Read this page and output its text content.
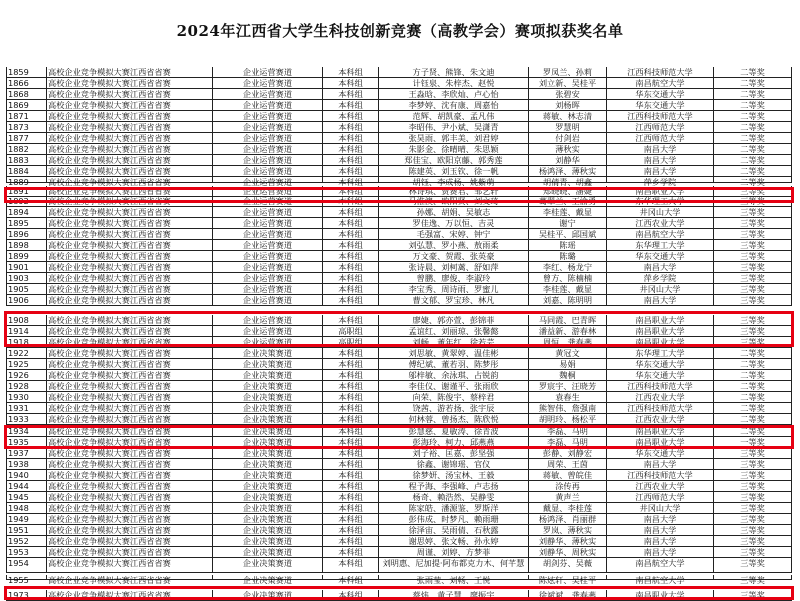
2024年江西省大学生科技创新竞赛（高教学会）赛项拟获奖名单
1859	高校企业竞争模拟大赛江西省省赛	企业运营赛道	本科组	方子贤、熊锋、朱文迪	罗凤兰、孙莉	江西科技师范大学	二等奖
1866	高校企业竞争模拟大赛江西省省赛	企业运营赛道	本科组	计钰泉、朱梓杰、赵悦	刘立新、吴桂平	南昌航空大学	二等奖
1868	高校企业竞争模拟大赛江西省省赛	企业运营赛道	本科组	王淼晗、李欣灿、卢心怡	张碧安	华东交通大学	二等奖
1869	高校企业竞争模拟大赛江西省省赛	企业运营赛道	本科组	李梦婷、沈有康、周嘉怡	刘杨晖	华东交通大学	二等奖
1871	高校企业竞争模拟大赛江西省省赛	企业运营赛道	本科组	范辉、胡凯豪、孟凡伟	蒋敏、林志清	江西科技师范大学	二等奖
1873	高校企业竞争模拟大赛江西省省赛	企业运营赛道	本科组	李昭伟、尹小斌、吴潇青	罗慧明	江西师范大学	二等奖
1877	高校企业竞争模拟大赛江西省省赛	企业运营赛道	本科组	张昊雨、郭丰美、刘君婷	付剑岩	江西师范大学	二等奖
1882	高校企业竞争模拟大赛江西省省赛	企业运营赛道	本科组	朱影金、徐晴晴、朱思颖	薄秋实	南昌大学	二等奖
1883	高校企业竞争模拟大赛江西省省赛	企业运营赛道	本科组	郑佳宝、欧阳京藤、郭秀莲	刘静华	南昌大学	二等奖
1884	高校企业竞争模拟大赛江西省省赛	企业运营赛道	本科组	陈建英、刘玉钦、徐一帆	杨鸿泽、薄秋实	南昌大学	二等奖
1889	高校企业竞争模拟大赛江西省省赛	企业运营赛道	本科组	胡钰、李成杨、姚紫萌	胡倩青、胡鑫	萍乡学院	二等奖
1891	高校企业竞争模拟大赛江西省省赛	企业运营赛道	本科组	林诗琪、贾赛君、邹艺轩	郑晓晓、潘婕	南昌职业大学	三等奖
1892	高校企业竞争模拟大赛江西省省赛	企业运营赛道	本科组	马淮澳、欧阳贤、刘文琦	葛翠兰、王渝勇	东华理工大学	三等奖
1894	高校企业竞争模拟大赛江西省省赛	企业运营赛道	本科组	孙娜、胡娟、吴敏志	李桂莲、戴显	井冈山大学	三等奖
1895	高校企业竞争模拟大赛江西省省赛	企业运营赛道	本科组	罗佳逸、万以恒、吉灵	谢宁	江西农业大学	三等奖
1896	高校企业竞争模拟大赛江西省省赛	企业运营赛道	本科组	毛强富、宋婷、钟宁	吴桂平、邱国斌	南昌航空大学	三等奖
1898	高校企业竞争模拟大赛江西省省赛	企业运营赛道	本科组	刘弘慧、罗小燕、敖雨柔	陈瑶	东华理工大学	三等奖
1899	高校企业竞争模拟大赛江西省省赛	企业运营赛道	本科组	万文豪、贺霞、张英豪	陈璐	华东交通大学	三等奖
1901	高校企业竞争模拟大赛江西省省赛	企业运营赛道	本科组	张诗晨、刘柯蓠、舒如萍	李红、杨龙宁	南昌大学	三等奖
1903	高校企业竞争模拟大赛江西省省赛	企业运营赛道	本科组	曾鹏、廖俊、李淑玲	曾方、陈楠楠	萍乡学院	三等奖
1905	高校企业竞争模拟大赛江西省省赛	企业运营赛道	本科组	李宝秀、周诗雨、罗蜜儿	李桂莲、戴显	井冈山大学	三等奖
1906	高校企业竞争模拟大赛江西省省赛	企业运营赛道	本科组	曹文郁、罗宝珍、林凡	刘嘉、陈明明	南昌大学	三等奖
1908	高校企业竞争模拟大赛江西省省赛	企业运营赛道	本科组	廖婕、郭亦萱、彭锦菲	马同霞、巴青晖	南昌职业大学	三等奖
1914	高校企业竞争模拟大赛江西省省赛	企业运营赛道	高职组	孟谊红、刘丽琼、张馨懿	潘益新、游春林	南昌职业大学	三等奖
1918	高校企业竞争模拟大赛江西省省赛	企业运营赛道	高职组	刘畅、董年红、徐若芸	周恒、龚春燕	南昌职业大学	三等奖
1922	高校企业竞争模拟大赛江西省省赛	企业决策赛道	本科组	刘思敏、黄翠婷、温佳彬	黄冠文	东华理工大学	二等奖
1925	高校企业竞争模拟大赛江西省省赛	企业决策赛道	本科组	傅纪斌、董若羽、陈梦彤	易娟	华东交通大学	二等奖
1926	高校企业竞争模拟大赛江西省省赛	企业决策赛道	本科组	邬梓敏、余泳琪、占锐韵	魏桐	华东交通大学	二等奖
1928	高校企业竞争模拟大赛江西省省赛	企业决策赛道	本科组	李佳仪、谢谨平、张雨欣	罗宸宇、汪晓芳	江西科技师范大学	二等奖
1930	高校企业竞争模拟大赛江西省省赛	企业决策赛道	本科组	向荣、陈俊宇、蔡梓君	袁春生	江西农业大学	二等奖
1931	高校企业竞争模拟大赛江西省省赛	企业决策赛道	本科组	饶茜、游若扬、张宇辰	熊智伟、詹强南	江西科技师范大学	二等奖
1933	高校企业竞争模拟大赛江西省省赛	企业决策赛道	本科组	何林蓉、曾扬杰、陈欣悦	胡明玲、杨松平	江西农业大学	二等奖
1934	高校企业竞争模拟大赛江西省省赛	企业决策赛道	本科组	彭慧慈、夏敏涛、徐青波	李磊、马明	南昌职业大学	二等奖
1935	高校企业竞争模拟大赛江西省省赛	企业决策赛道	本科组	彭海玲、柯力、邱燕燕	李磊、马明	南昌职业大学	一等奖
1937	高校企业竞争模拟大赛江西省省赛	企业决策赛道	本科组	刘子裕、匡嘉、彭坚强	彭静、刘静宏	华东交通大学	三等奖
1938	高校企业竞争模拟大赛江西省省赛	企业决策赛道	本科组	徐鑫、谢锦瑶、官仪	周荣、王茵	南昌大学	三等奖
1940	高校企业竞争模拟大赛江西省省赛	企业决策赛道	本科组	徐梦妍、汤宝林、王毅	蒋敏、曾皖佳	江西科技师范大学	三等奖
1944	高校企业竞争模拟大赛江西省省赛	企业决策赛道	本科组	程予海、李强峰、卢志扬	涂传再	江西农业大学	三等奖
1945	高校企业竞争模拟大赛江西省省赛	企业决策赛道	本科组	杨奇、赖浩然、吴静雯	黄声兰	江西师范大学	三等奖
1948	高校企业竞争模拟大赛江西省省赛	企业决策赛道	本科组	陈家皓、潘源鉴、罗斯洋	戴显、李桂莲	井冈山大学	三等奖
1949	高校企业竞争模拟大赛江西省省赛	企业决策赛道	本科组	彭伟成、时梦凡、赖雨珊	杨鸿泽、肖丽群	南昌大学	三等奖
1951	高校企业竞争模拟大赛江西省省赛	企业决策赛道	本科组	徐泽宙、吴雨倩、石秋露	罗岚、薄秋实	南昌大学	三等奖
1952	高校企业竞争模拟大赛江西省省赛	企业决策赛道	本科组	谢思婷、张文畅、孙永婷	刘静华、薄秋实	南昌大学	三等奖
1953	高校企业竞争模拟大赛江西省省赛	企业决策赛道	本科组	周谨、刘婷、方梦菲	刘静华、周秋实	南昌大学	三等奖
1954	高校企业竞争模拟大赛江西省省赛	企业决策赛道	本科组	刘明惠、尼加提·阿布都克力木、何芊慧	胡剑芬、吴薇	南昌航空大学	三等奖
1955	高校企业竞争模拟大赛江西省省赛	企业决策赛道	本科组	张雨莹、刘畅、王悦	陈炫轩、吴桂平	南昌航空大学	三等奖
1973	高校企业竞争模拟大赛江西省省赛	企业决策赛道	本科组	蔡炜、黄子慧、廖振宇	徐斌斌、龚春燕	南昌职业大学	三等奖
